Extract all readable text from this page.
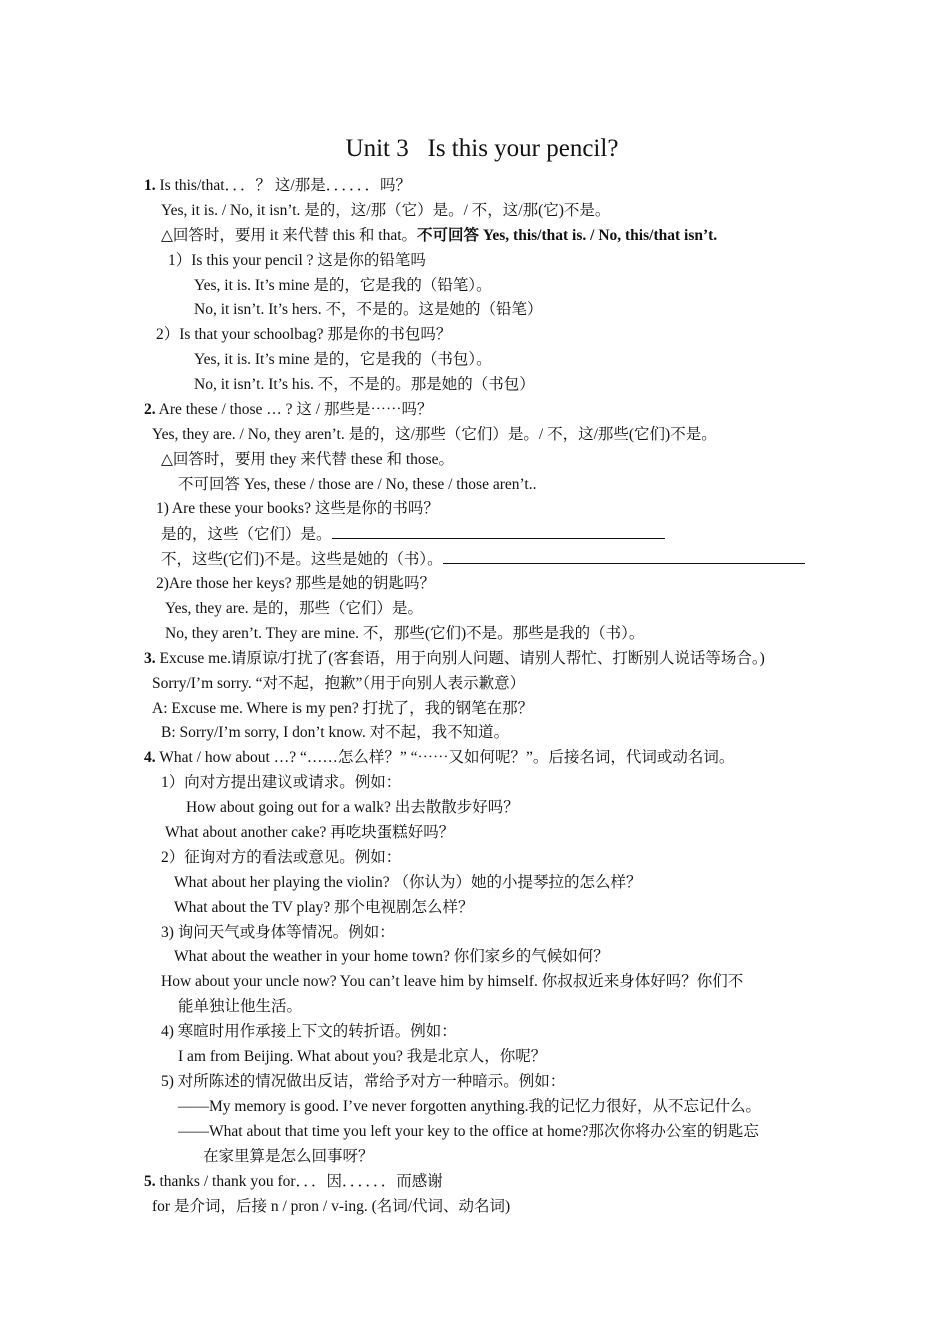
Unit 3   Is this your pencil?
1. Is this/that．．．？ 这/那是．．．．．．吗？
Yes, it is. / No, it isn’t. 是的，这/那（它）是。/ 不，这/那(它)不是。
△回答时，要用 it 来代替 this 和 that。不可回答 Yes, this/that is. / No, this/that isn’t.
1）Is this your pencil ? 这是你的铅笔吗
Yes, it is. It’s mine 是的，它是我的（铅笔）。
No, it isn’t. It’s hers. 不，不是的。这是她的（铅笔）
2）Is that your schoolbag? 那是你的书包吗？
Yes, it is. It’s mine 是的，它是我的（书包）。
No, it isn’t. It’s his. 不，不是的。那是她的（书包）
2. Are these / those … ? 这 / 那些是⋯⋯吗？
Yes, they are. / No, they aren’t. 是的，这/那些（它们）是。/ 不，这/那些(它们)不是。
△回答时，要用 they 来代替 these 和 those。
不可回答 Yes, these / those are / No, these / those aren’t..
1) Are these your books? 这些是你的书吗？
是的，这些（它们）是。
不，这些(它们)不是。这些是她的（书）。
2)Are those her keys? 那些是她的钥匙吗？
Yes, they are. 是的，那些（它们）是。
No, they aren’t. They are mine. 不，那些(它们)不是。那些是我的（书）。
3. Excuse me.请原谅/打扰了(客套语，用于向别人问题、请别人帮忙、打断别人说话等场合。)
Sorry/I’m sorry. “对不起，抱歉”（用于向别人表示歉意）
A: Excuse me. Where is my pen? 打扰了，我的钢笔在那？
B: Sorry/I’m sorry, I don’t know. 对不起，我不知道。
4. What / how about …? “……怎么样？” “⋯⋯又如何呢？”。后接名词，代词或动名词。
1）向对方提出建议或请求。例如：
How about going out for a walk? 出去散散步好吗？
What about another cake? 再吃块蛋糕好吗？
2）征询对方的看法或意见。例如：
What about her playing the violin? （你认为）她的小提琴拉的怎么样？
What about the TV play? 那个电视剧怎么样？
3) 询问天气或身体等情况。例如：
What about the weather in your home town? 你们家乡的气候如何？
How about your uncle now? You can’t leave him by himself. 你叔叔近来身体好吗？你们不
能单独让他生活。
4) 寒暄时用作承接上下文的转折语。例如：
I am from Beijing. What about you? 我是北京人，你呢？
5) 对所陈述的情况做出反诘，常给予对方一种暗示。例如：
——My memory is good. I’ve never forgotten anything.我的记忆力很好，从不忘记什么。
——What about that time you left your key to the office at home?那次你将办公室的钥匙忘
在家里算是怎么回事呀？
5. thanks / thank you for．．．因．．．．．．而感谢
for 是介词，后接 n / pron / v-ing. (名词/代词、动名词)
